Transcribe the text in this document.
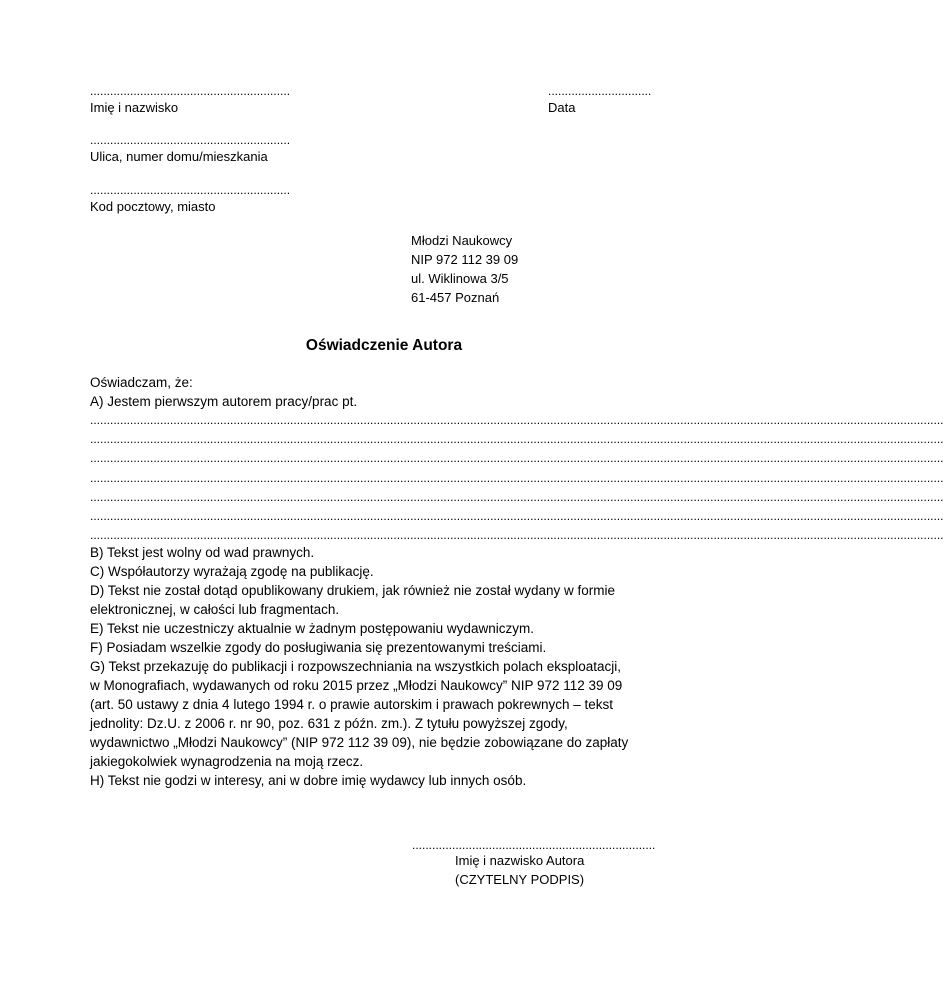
............................................................
Imię i nazwisko
...............................
Data
............................................................
Ulica, numer domu/mieszkania
............................................................
Kod pocztowy, miasto
Młodzi Naukowcy
NIP 972 112 39 09
ul. Wiklinowa 3/5
61-457 Poznań
Oświadczenie Autora
Oświadczam, że:
A) Jestem pierwszym autorem pracy/prac pt.
................................................................................................................................................................................................................................................................
................................................................................................................................................................................................................................................................
................................................................................................................................................................................................................................................................
................................................................................................................................................................................................................................................................
................................................................................................................................................................................................................................................................
................................................................................................................................................................................................................................................................
................................................................................................................................................................................................................................................................
B) Tekst jest wolny od wad prawnych.
C) Współautorzy wyrażają zgodę na publikację.
D) Tekst nie został dotąd opublikowany drukiem, jak również nie został wydany w formie
elektronicznej, w całości lub fragmentach.
E) Tekst nie uczestniczy aktualnie w żadnym postępowaniu wydawniczym.
F) Posiadam wszelkie zgody do posługiwania się prezentowanymi treściami.
G) Tekst przekazuję do publikacji i rozpowszechniania na wszystkich polach eksploatacji,
w Monografiach, wydawanych od roku 2015 przez „Młodzi Naukowcy” NIP 972 112 39 09
(art. 50 ustawy z dnia 4 lutego 1994 r. o prawie autorskim i prawach pokrewnych – tekst
jednolity: Dz.U. z 2006 r. nr 90, poz. 631 z późn. zm.). Z tytułu powyższej zgody,
wydawnictwo „Młodzi Naukowcy” (NIP 972 112 39 09), nie będzie zobowiązane do zapłaty
jakiegokolwiek wynagrodzenia na moją rzecz.
H) Tekst nie godzi w interesy, ani w dobre imię wydawcy lub innych osób.
.........................................................................
Imię i nazwisko Autora
(CZYTELNY PODPIS)
